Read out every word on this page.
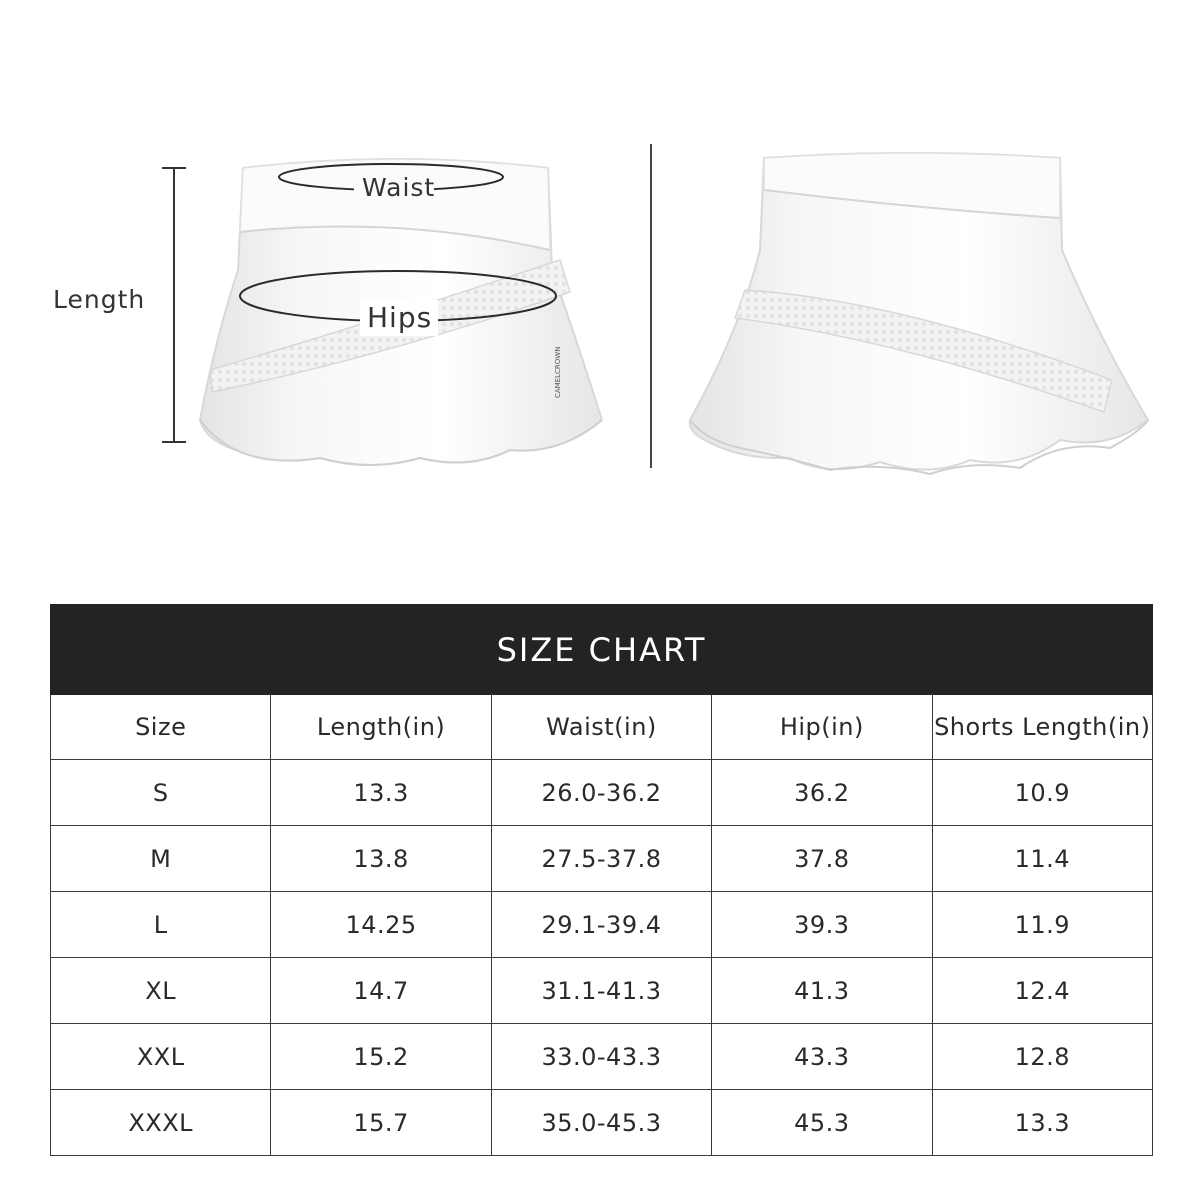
CAMELCROWN
Waist
Hips
Length
SIZE CHART				
Size	Length(in)	Waist(in)	Hip(in)	Shorts Length(in)
S	13.3	26.0-36.2	36.2	10.9
M	13.8	27.5-37.8	37.8	11.4
L	14.25	29.1-39.4	39.3	11.9
XL	14.7	31.1-41.3	41.3	12.4
XXL	15.2	33.0-43.3	43.3	12.8
XXXL	15.7	35.0-45.3	45.3	13.3
